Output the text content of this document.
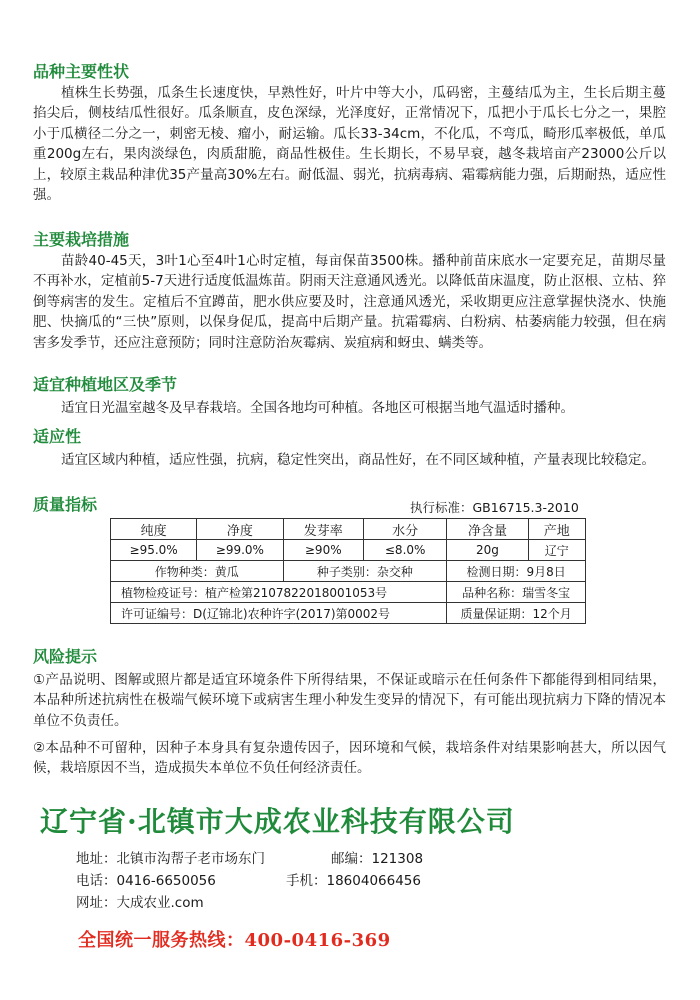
品种主要性状

植株生长势强，瓜条生长速度快，早熟性好，叶片中等大小，瓜码密，主蔓结瓜为主，生长后期主蔓掐尖后，侧枝结瓜性很好。瓜条顺直，皮色深绿，光泽度好，正常情况下，瓜把小于瓜长七分之一，果腔小于瓜横径二分之一，刺密无棱、瘤小，耐运输。瓜长33-34cm，不化瓜，不弯瓜，畸形瓜率极低，单瓜重200g左右，果肉淡绿色，肉质甜脆，商品性极佳。生长期长，不易早衰，越冬栽培亩产23000公斤以上，较原主栽品种津优35产量高30%左右。耐低温、弱光，抗病毒病、霜霉病能力强，后期耐热，适应性强。

主要栽培措施

苗龄40-45天，3叶1心至4叶1心时定植，每亩保苗3500株。播种前苗床底水一定要充足，苗期尽量不再补水，定植前5-7天进行适度低温炼苗。阴雨天注意通风透光。以降低苗床温度，防止沤根、立枯、猝倒等病害的发生。定植后不宜蹲苗，肥水供应要及时，注意通风透光，采收期更应注意掌握快浇水、快施肥、快摘瓜的“三快”原则，以保身促瓜，提高中后期产量。抗霜霉病、白粉病、枯萎病能力较强，但在病害多发季节，还应注意预防；同时注意防治灰霉病、炭疽病和蚜虫、螨类等。

适宜种植地区及季节

适宜日光温室越冬及早春栽培。全国各地均可种植。各地区可根据当地气温适时播种。

适应性

适宜区域内种植，适应性强，抗病，稳定性突出，商品性好，在不同区域种植，产量表现比较稳定。

质量指标	执行标准：GB16715.3-2010
纯度	净度	发芽率	水分	净含量	产地
≥95.0%	≥99.0%	≥90%	≤8.0%	20g	辽宁
作物种类：黄瓜		种子类别：杂交种		检测日期：9月8日	
植物检疫证号：植产检第2107822018001053号				品种名称：瑞雪冬宝	
许可证编号：D(辽锦北)农种许字(2017)第0002号				质量保证期：12个月	
风险提示

①产品说明、图解或照片都是适宜环境条件下所得结果，不保证或暗示在任何条件下都能得到相同结果，本品种所述抗病性在极端气候环境下或病害生理小种发生变异的情况下，有可能出现抗病力下降的情况本单位不负责任。

②本品种不可留种，因种子本身具有复杂遗传因子，因环境和气候，栽培条件对结果影响甚大，所以因气候，栽培原因不当，造成损失本单位不负任何经济责任。

辽宁省·北镇市大成农业科技有限公司
地址：北镇市沟帮子老市场东门	邮编：121308
电话：0416-6650056	手机：18604066456
网址：大成农业.com
全国统一服务热线：400-0416-369
